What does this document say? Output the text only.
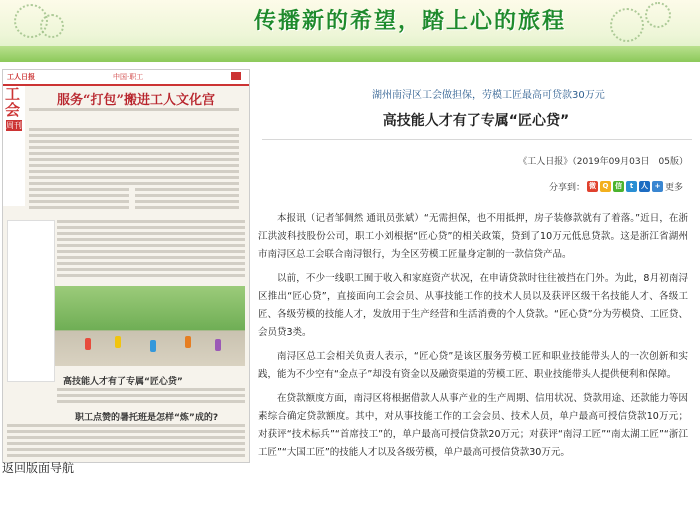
传播新的希望，踏上心的旅程
工人日报	中国·职工	5
工会
周刊
服务“打包”搬进工人文化宫
高技能人才有了专属“匠心贷”
职工点赞的暑托班是怎样“炼”成的?
返回版面导航
湖州南浔区工会做担保，劳模工匠最高可贷款30万元
高技能人才有了专属“匠心贷”
《工人日报》（2019年09月03日　05版）
分享到： 微 Q 信	t	人 + 更多

本报讯（记者邹倜然 通讯员张斌）“无需担保，也不用抵押，房子装修款就有了着落。”近日，在浙江洪波科技股份公司，职工小刘根据“匠心贷”的相关政策，贷到了10万元低息贷款。这是浙江省湖州市南浔区总工会联合南浔银行，为全区劳模工匠量身定制的一款信贷产品。

以前，不少一线职工囿于收入和家庭资产状况，在申请贷款时往往被挡在门外。为此，8月初南浔区推出“匠心贷”，直接面向工会会员、从事技能工作的技术人员以及获评区级干名技能人才、各级工匠、各级劳模的技能人才，发放用于生产经营和生活消费的个人贷款。“匠心贷”分为劳模贷、工匠贷、会员贷3类。

南浔区总工会相关负责人表示，“匠心贷”是该区服务劳模工匠和职业技能带头人的一次创新和实践，能为不少空有“金点子”却没有资金以及融资渠道的劳模工匠、职业技能带头人提供便利和保障。

在贷款额度方面，南浔区将根据借款人从事产业的生产周期、信用状况、贷款用途、还款能力等因素综合确定贷款额度。其中，对从事技能工作的工会会员、技术人员，单户最高可授信贷款10万元；对获评“技术标兵”“首席技工”的，单户最高可授信贷款20万元；对获评“南浔工匠”“南太湖工匠”“浙江工匠”“大国工匠”的技能人才以及各级劳模，单户最高可授信贷款30万元。
